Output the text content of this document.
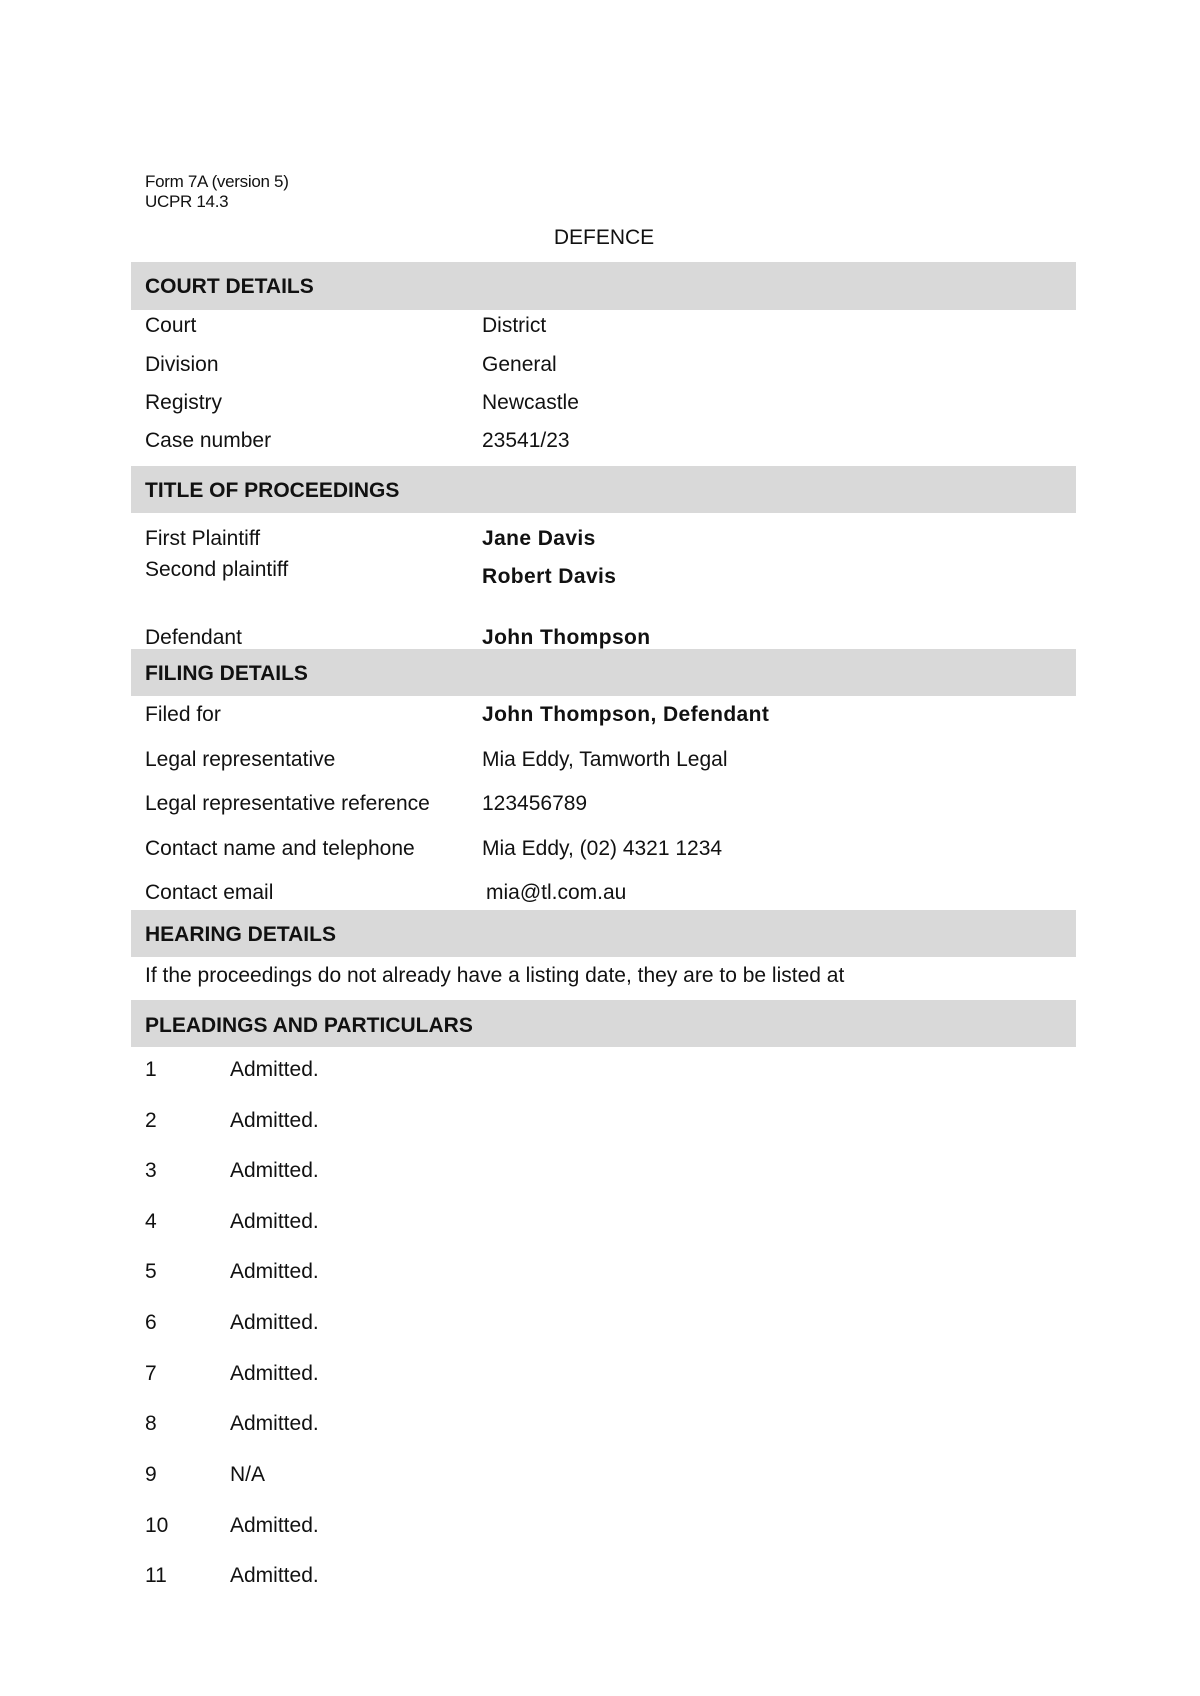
Form 7A (version 5)
UCPR 14.3
DEFENCE
COURT DETAILS
Court	District
Division	General
Registry	Newcastle
Case number	23541/23
TITLE OF PROCEEDINGS
First Plaintiff	Jane Davis
Second plaintiff	Robert Davis
Defendant	John Thompson
FILING DETAILS
Filed for	John Thompson, Defendant
Legal representative	Mia Eddy, Tamworth Legal
Legal representative reference 123456789
Contact name and telephone	Mia Eddy, (02) 4321 1234
Contact email	mia@tl.com.au
HEARING DETAILS
If the proceedings do not already have a listing date, they are to be listed at
PLEADINGS AND PARTICULARS
1	Admitted.
2	Admitted.
3	Admitted.
4	Admitted.
5	Admitted.
6	Admitted.
7	Admitted.
8	Admitted.
9	N/A
10	Admitted.
11	Admitted.
